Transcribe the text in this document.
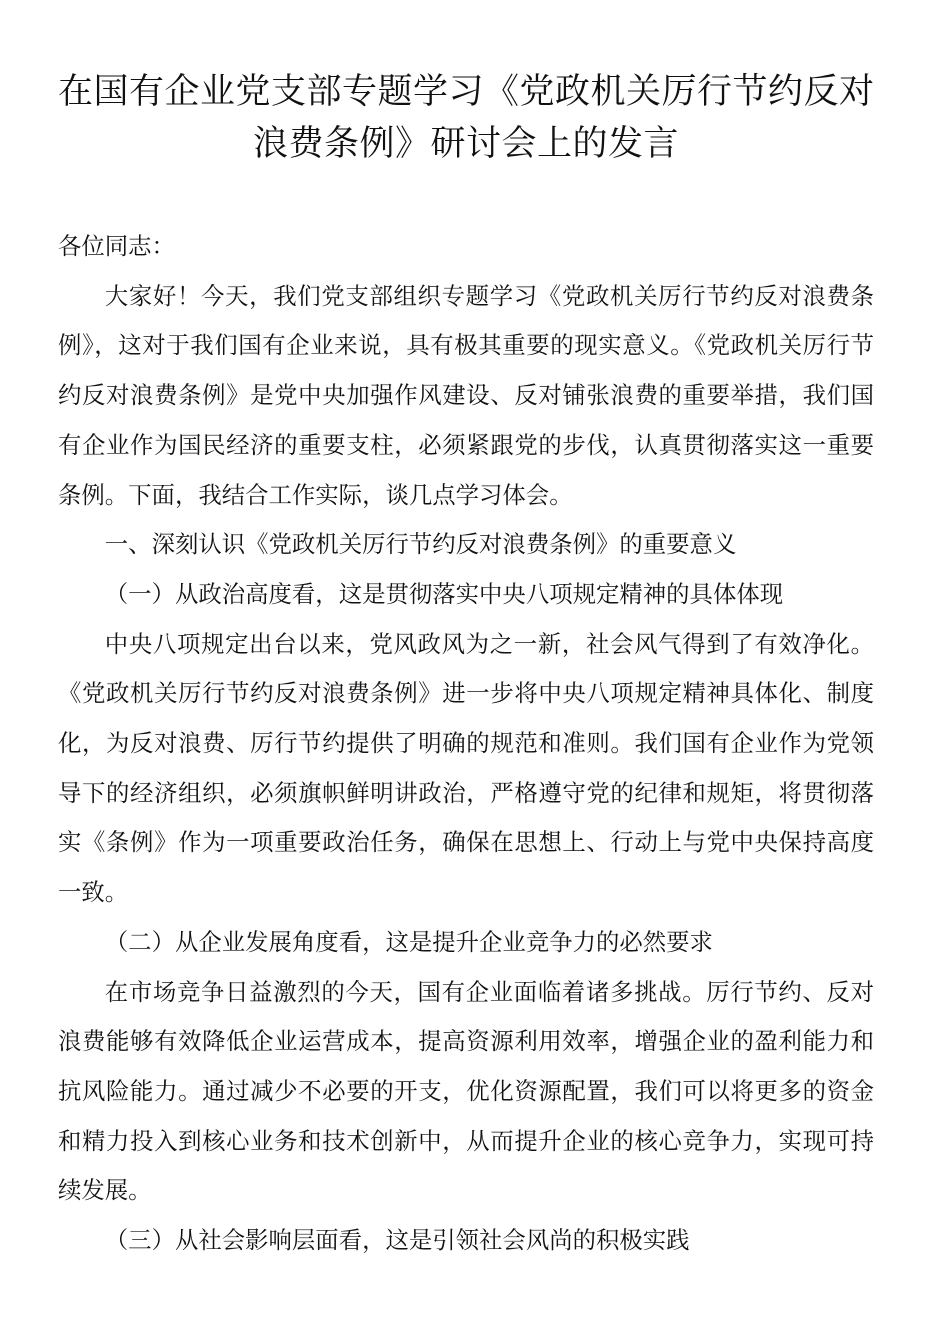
在国有企业党支部专题学习《党政机关厉行节约反对
浪费条例》研讨会上的发言

各位同志：

大家好！今天，我们党支部组织专题学习《党政机关厉行节约反对浪费条例》，这对于我们国有企业来说，具有极其重要的现实意义。《党政机关厉行节约反对浪费条例》是党中央加强作风建设、反对铺张浪费的重要举措，我们国有企业作为国民经济的重要支柱，必须紧跟党的步伐，认真贯彻落实这一重要条例。下面，我结合工作实际，谈几点学习体会。

一、深刻认识《党政机关厉行节约反对浪费条例》的重要意义

（一）从政治高度看，这是贯彻落实中央八项规定精神的具体体现

中央八项规定出台以来，党风政风为之一新，社会风气得到了有效净化。《党政机关厉行节约反对浪费条例》进一步将中央八项规定精神具体化、制度化，为反对浪费、厉行节约提供了明确的规范和准则。我们国有企业作为党领导下的经济组织，必须旗帜鲜明讲政治，严格遵守党的纪律和规矩，将贯彻落实《条例》作为一项重要政治任务，确保在思想上、行动上与党中央保持高度一致。

（二）从企业发展角度看，这是提升企业竞争力的必然要求

在市场竞争日益激烈的今天，国有企业面临着诸多挑战。厉行节约、反对浪费能够有效降低企业运营成本，提高资源利用效率，增强企业的盈利能力和抗风险能力。通过减少不必要的开支，优化资源配置，我们可以将更多的资金和精力投入到核心业务和技术创新中，从而提升企业的核心竞争力，实现可持续发展。

（三）从社会影响层面看，这是引领社会风尚的积极实践
